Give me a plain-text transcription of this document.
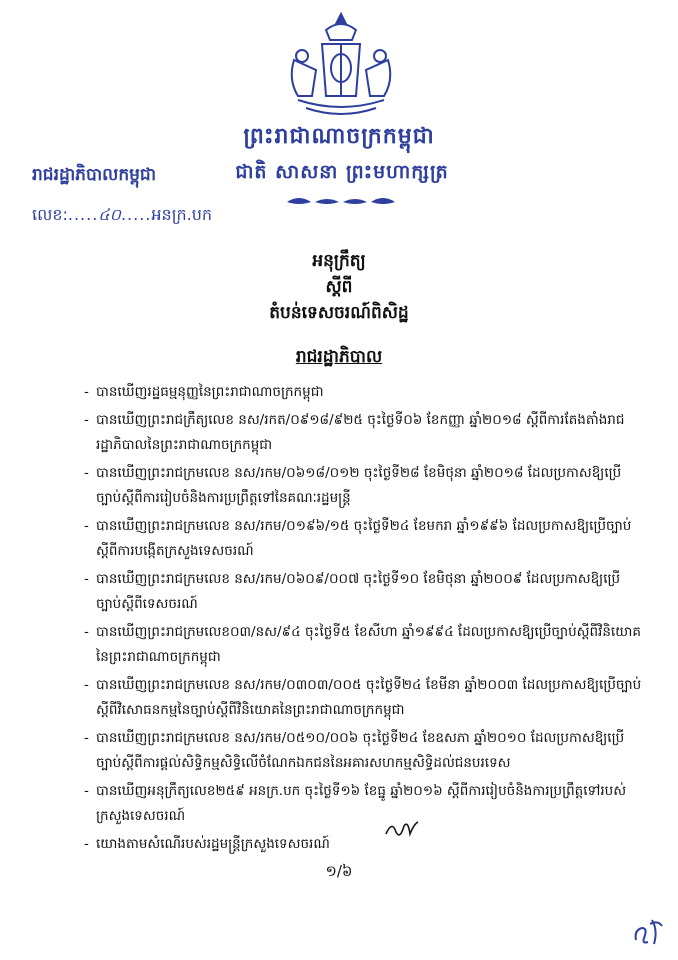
ព្រះរាជាណាចក្រកម្ពុជា
រាជរដ្ឋាភិបាលកម្ពុជា	ជាតិ សាសនា ព្រះមហាក្សត្រ
លេខ:.....៤០.....អនក្រ.បក
អនុក្រឹត្យ
ស្តីពី
តំបន់ទេសចរណ៍ពិសិដ្ឋ
រាជរដ្ឋាភិបាល
- បានឃើញរដ្ឋធម្មនុញ្ញនៃព្រះរាជាណាចក្រកម្ពុជា
- បានឃើញព្រះរាជក្រឹត្យលេខ នស/រកត/០៩១៨/៩២៥ ចុះថ្ងៃទី០៦ ខែកញ្ញា ឆ្នាំ២០១៨ ស្តីពីការតែងតាំងរាជរដ្ឋាភិបាលនៃព្រះរាជាណាចក្រកម្ពុជា
- បានឃើញព្រះរាជក្រមលេខ នស/រកម/០៦១៨/០១២ ចុះថ្ងៃទី២៨ ខែមិថុនា ឆ្នាំ២០១៨ ដែលប្រកាសឱ្យប្រើច្បាប់ស្តីពីការរៀបចំនិងការប្រព្រឹត្តទៅនៃគណៈរដ្ឋមន្ត្រី
- បានឃើញព្រះរាជក្រមលេខ នស/រកម/០១៩៦/១៥ ចុះថ្ងៃទី២៤ ខែមករា ឆ្នាំ១៩៩៦ ដែលប្រកាសឱ្យប្រើច្បាប់ស្តីពីការបង្កើតក្រសួងទេសចរណ៍
- បានឃើញព្រះរាជក្រមលេខ នស/រកម/០៦០៩/០០៧ ចុះថ្ងៃទី១០ ខែមិថុនា ឆ្នាំ២០០៩ ដែលប្រកាសឱ្យប្រើច្បាប់ស្តីពីទេសចរណ៍
- បានឃើញព្រះរាជក្រមលេខ០៣/នស/៩៤ ចុះថ្ងៃទី៥ ខែសីហា ឆ្នាំ១៩៩៤ ដែលប្រកាសឱ្យប្រើច្បាប់ស្តីពីវិនិយោគនៃព្រះរាជាណាចក្រកម្ពុជា
- បានឃើញព្រះរាជក្រមលេខ នស/រកម/០៣០៣/០០៥ ចុះថ្ងៃទី២៤ ខែមីនា ឆ្នាំ២០០៣ ដែលប្រកាសឱ្យប្រើច្បាប់ស្តីពីវិសោធនកម្មនៃច្បាប់ស្តីពីវិនិយោគនៃព្រះរាជាណាចក្រកម្ពុជា
- បានឃើញព្រះរាជក្រមលេខ នស/រកម/០៥១០/០០៦ ចុះថ្ងៃទី២៤ ខែឧសភា ឆ្នាំ២០១០ ដែលប្រកាសឱ្យប្រើច្បាប់ស្តីពីការផ្តល់សិទ្ធិកម្មសិទ្ធិលើចំណែកឯកជននៃអគារសហកម្មសិទ្ធិដល់ជនបរទេស
- បានឃើញអនុក្រឹត្យលេខ២៥៩ អនក្រ.បក ចុះថ្ងៃទី១៦ ខែធ្នូ ឆ្នាំ២០១៦ ស្តីពីការរៀបចំនិងការប្រព្រឹត្តទៅរបស់ក្រសួងទេសចរណ៍
- យោងតាមសំណើរបស់រដ្ឋមន្ត្រីក្រសួងទេសចរណ៍
១/៦
